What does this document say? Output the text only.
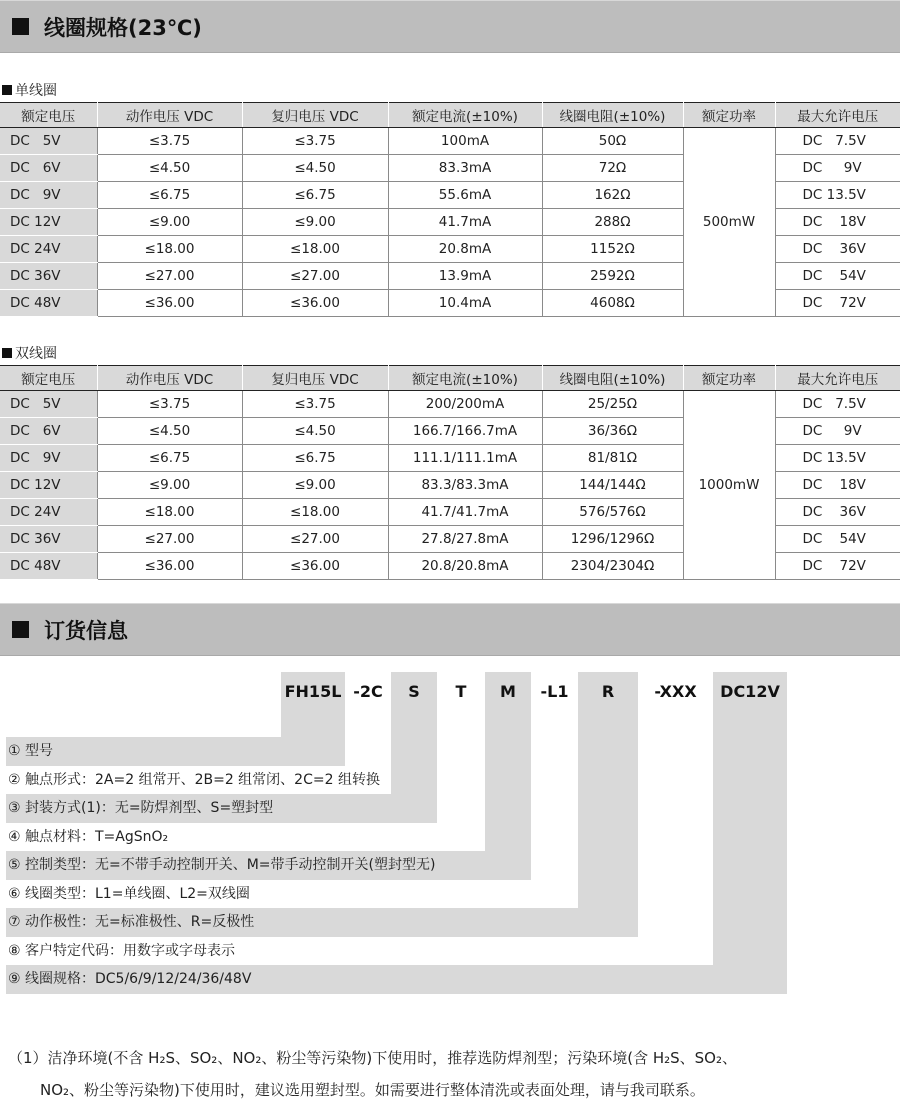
线圈规格(23℃)
单线圈
额定电压	动作电压 VDC	复归电压 VDC	额定电流(±10%)	线圈电阻(±10%)	额定功率	最大允许电压
DC   5V	≤3.75	≤3.75	100mA	50Ω	500mW	DC   7.5V
DC   6V	≤4.50	≤4.50	83.3mA	72Ω		DC     9V
DC   9V	≤6.75	≤6.75	55.6mA	162Ω		DC 13.5V
DC 12V	≤9.00	≤9.00	41.7mA	288Ω		DC    18V
DC 24V	≤18.00	≤18.00	20.8mA	1152Ω		DC    36V
DC 36V	≤27.00	≤27.00	13.9mA	2592Ω		DC    54V
DC 48V	≤36.00	≤36.00	10.4mA	4608Ω		DC    72V
双线圈
额定电压	动作电压 VDC	复归电压 VDC	额定电流(±10%)	线圈电阻(±10%)	额定功率	最大允许电压
DC   5V	≤3.75	≤3.75	200/200mA	25/25Ω	1000mW	DC   7.5V
DC   6V	≤4.50	≤4.50	166.7/166.7mA	36/36Ω		DC     9V
DC   9V	≤6.75	≤6.75	111.1/111.1mA	81/81Ω		DC 13.5V
DC 12V	≤9.00	≤9.00	83.3/83.3mA	144/144Ω		DC    18V
DC 24V	≤18.00	≤18.00	41.7/41.7mA	576/576Ω		DC    36V
DC 36V	≤27.00	≤27.00	27.8/27.8mA	1296/1296Ω		DC    54V
DC 48V	≤36.00	≤36.00	20.8/20.8mA	2304/2304Ω		DC    72V
订货信息
① 型号
② 触点形式：2A=2 组常开、2B=2 组常闭、2C=2 组转换
③ 封装方式(1)：无=防焊剂型、S=塑封型
④ 触点材料：T=AgSnO₂
⑤ 控制类型：无=不带手动控制开关、M=带手动控制开关(塑封型无)
⑥ 线圈类型：L1=单线圈、L2=双线圈
⑦ 动作极性：无=标准极性、R=反极性
⑧ 客户特定代码：用数字或字母表示
⑨ 线圈规格：DC5/6/9/12/24/36/48V
FH15L -2C	S	T	M	-L1	R	-XXX	DC12V
（1）洁净环境(不含 H₂S、SO₂、NO₂、粉尘等污染物)下使用时，推荐选防焊剂型；污染环境(含 H₂S、SO₂、
NO₂、粉尘等污染物)下使用时，建议选用塑封型。如需要进行整体清洗或表面处理，请与我司联系。
